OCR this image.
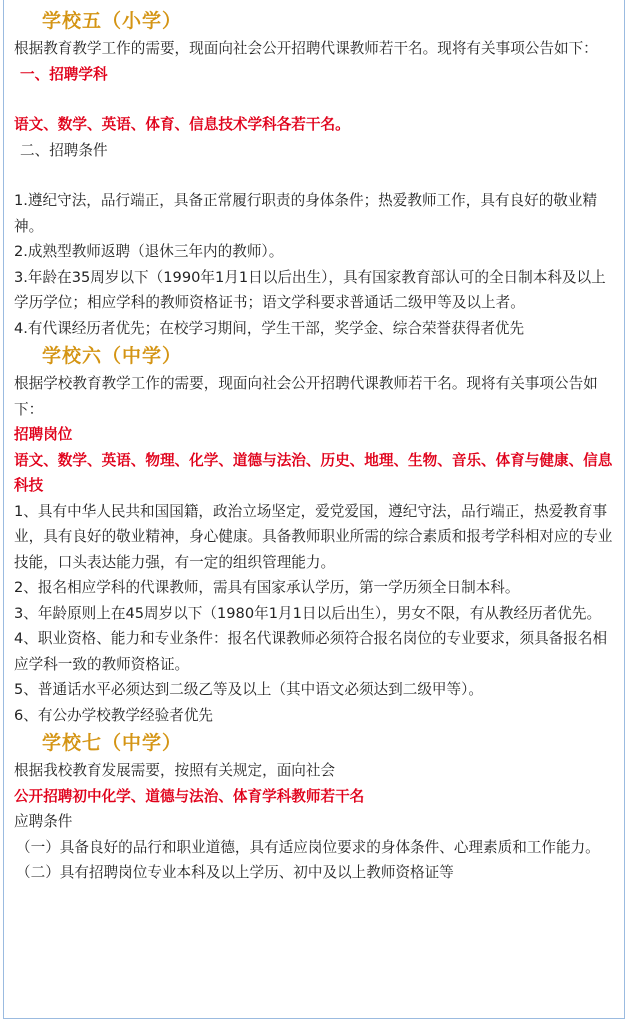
学校五（小学）

根据教育教学工作的需要，现面向社会公开招聘代课教师若干名。现将有关事项公告如下：

一、招聘学科

语文、数学、英语、体育、信息技术学科各若干名。

二、招聘条件

1.遵纪守法，品行端正，具备正常履行职责的身体条件；热爱教师工作，具有良好的敬业精神。

2.成熟型教师返聘（退休三年内的教师）。

3.年龄在35周岁以下（1990年1月1日以后出生），具有国家教育部认可的全日制本科及以上学历学位；相应学科的教师资格证书；语文学科要求普通话二级甲等及以上者。

4.有代课经历者优先；在校学习期间，学生干部，奖学金、综合荣誉获得者优先

学校六（中学）

根据学校教育教学工作的需要，现面向社会公开招聘代课教师若干名。现将有关事项公告如下：

招聘岗位

语文、数学、英语、物理、化学、道德与法治、历史、地理、生物、音乐、体育与健康、信息科技

1、具有中华人民共和国国籍，政治立场坚定，爱党爱国，遵纪守法，品行端正，热爱教育事业，具有良好的敬业精神，身心健康。具备教师职业所需的综合素质和报考学科相对应的专业技能，口头表达能力强，有一定的组织管理能力。

2、报名相应学科的代课教师，需具有国家承认学历，第一学历须全日制本科。

3、年龄原则上在45周岁以下（1980年1月1日以后出生），男女不限，有从教经历者优先。

4、职业资格、能力和专业条件：报名代课教师必须符合报名岗位的专业要求，须具备报名相应学科一致的教师资格证。

5、普通话水平必须达到二级乙等及以上（其中语文必须达到二级甲等）。

6、有公办学校教学经验者优先

学校七（中学）

根据我校教育发展需要，按照有关规定，面向社会

公开招聘初中化学、道德与法治、体育学科教师若干名

应聘条件

（一）具备良好的品行和职业道德，具有适应岗位要求的身体条件、心理素质和工作能力。

（二）具有招聘岗位专业本科及以上学历、初中及以上教师资格证等
